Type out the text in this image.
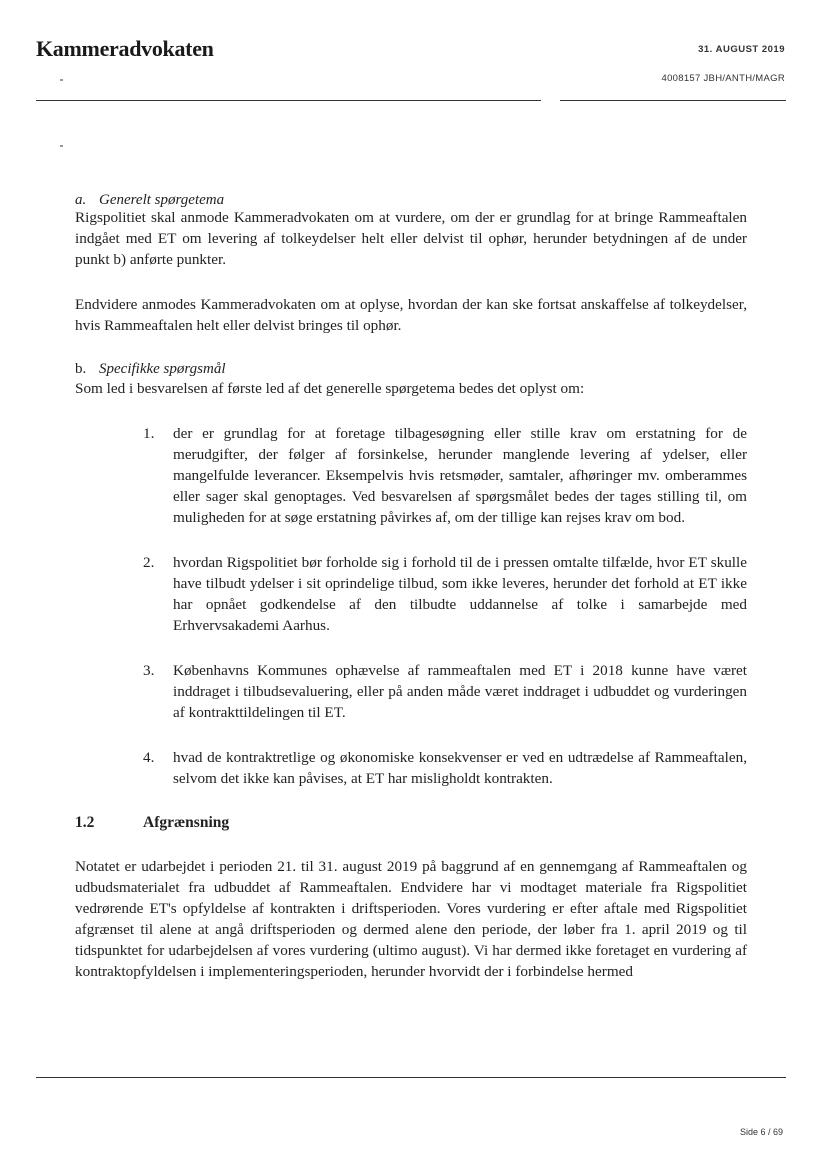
Kammeradvokaten	31. AUGUST 2019
4008157 JBH/ANTH/MAGR
a. Generelt spørgetema

Rigspolitiet skal anmode Kammeradvokaten om at vurdere, om der er grundlag for at bringe Rammeaftalen indgået med ET om levering af tolkeydelser helt eller delvist til ophør, herunder betydningen af de under punkt b) anførte punkter.

Endvidere anmodes Kammeradvokaten om at oplyse, hvordan der kan ske fortsat anskaffelse af tolkeydelser, hvis Rammeaftalen helt eller delvist bringes til ophør.

b. Specifikke spørgsmål

Som led i besvarelsen af første led af det generelle spørgetema bedes det oplyst om:

1.	der er grundlag for at foretage tilbagesøgning eller stille krav om erstatning for de merudgifter, der følger af forsinkelse, herunder manglende levering af ydelser, eller mangelfulde leverancer. Eksempelvis hvis retsmøder, samtaler, afhøringer mv. omberammes eller sager skal genoptages. Ved besvarelsen af spørgsmålet bedes der tages stilling til, om muligheden for at søge erstatning påvirkes af, om der tillige kan rejses krav om bod.
2.	hvordan Rigspolitiet bør forholde sig i forhold til de i pressen omtalte tilfælde, hvor ET skulle have tilbudt ydelser i sit oprindelige tilbud, som ikke leveres, herunder det forhold at ET ikke har opnået godkendelse af den tilbudte uddannelse af tolke i samarbejde med Erhvervsakademi Aarhus.
3.	Københavns Kommunes ophævelse af rammeaftalen med ET i 2018 kunne have været inddraget i tilbudsevaluering, eller på anden måde været inddraget i udbuddet og vurderingen af kontrakttildelingen til ET.
4.	hvad de kontraktretlige og økonomiske konsekvenser er ved en udtrædelse af Rammeaftalen, selvom det ikke kan påvises, at ET har misligholdt kontrakten.
1.2	Afgrænsning

Notatet er udarbejdet i perioden 21. til 31. august 2019 på baggrund af en gennemgang af Rammeaftalen og udbudsmaterialet fra udbuddet af Rammeaftalen. Endvidere har vi modtaget materiale fra Rigspolitiet vedrørende ET's opfyldelse af kontrakten i driftsperioden. Vores vurdering er efter aftale med Rigspolitiet afgrænset til alene at angå driftsperioden og dermed alene den periode, der løber fra 1. april 2019 og til tidspunktet for udarbejdelsen af vores vurdering (ultimo august). Vi har dermed ikke foretaget en vurdering af kontraktopfyldelsen i implementeringsperioden, herunder hvorvidt der i forbindelse hermed

Side 6 / 69
